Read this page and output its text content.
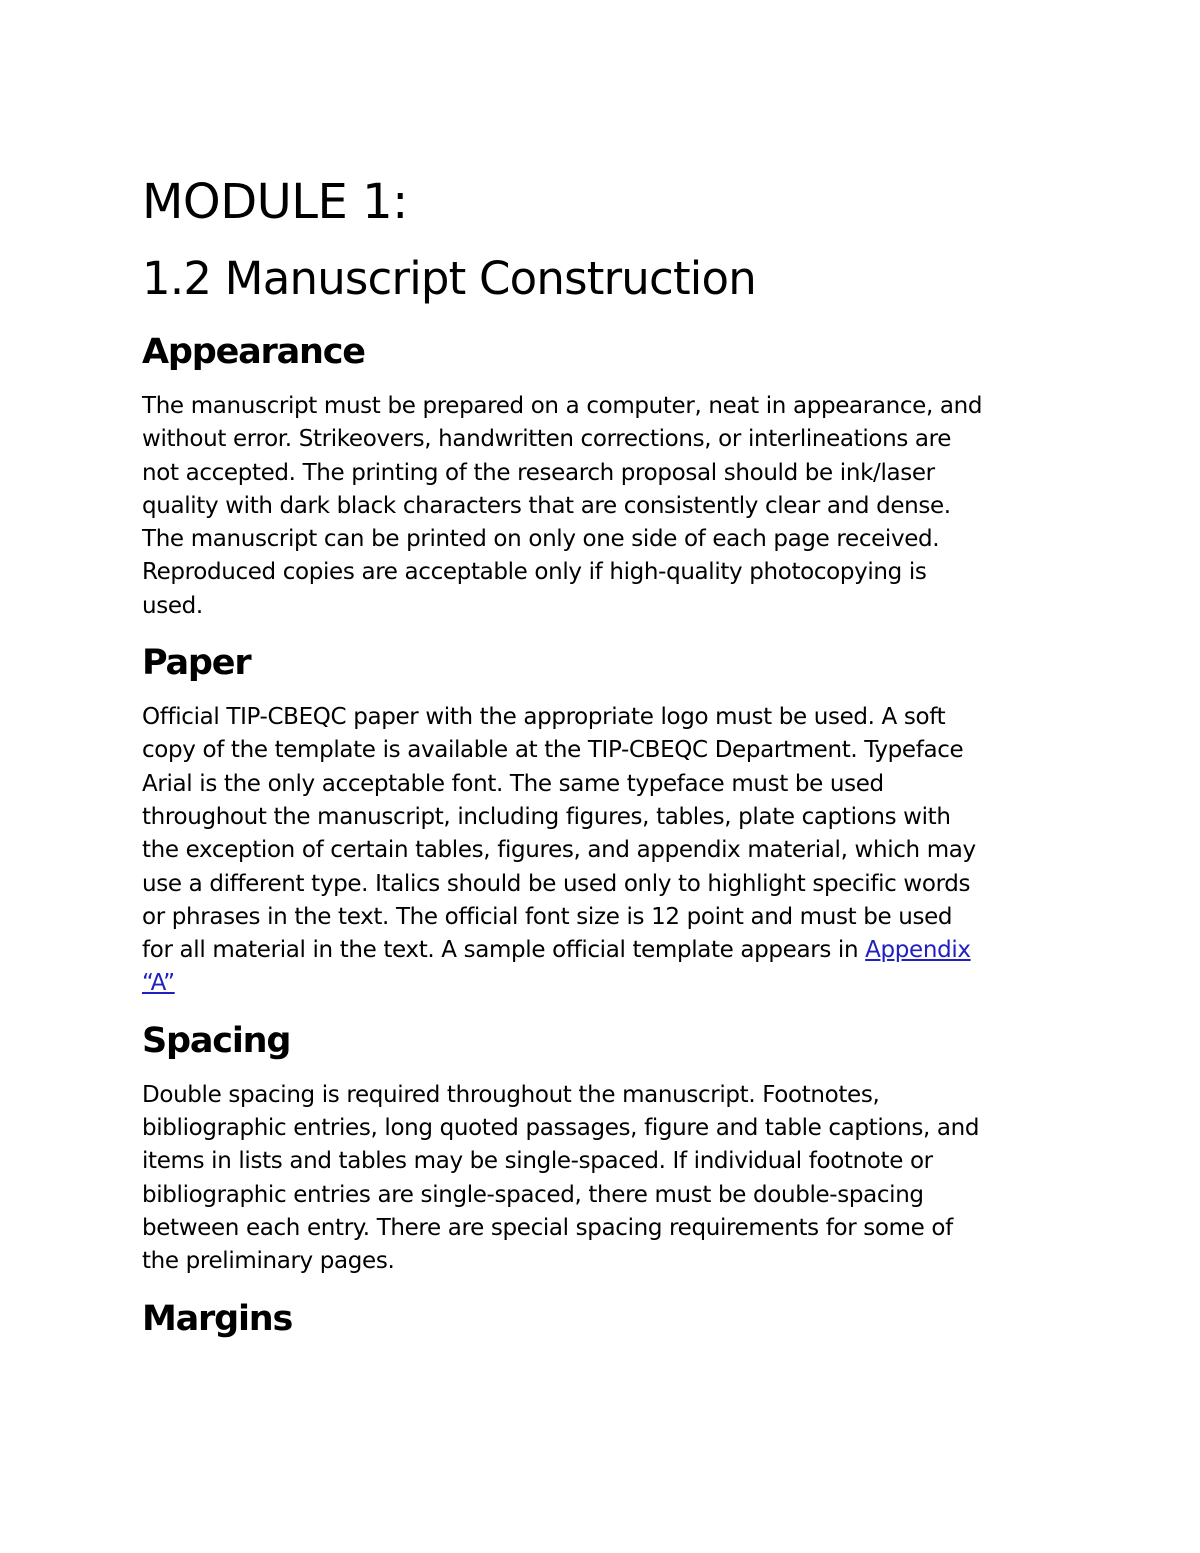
MODULE 1:
1.2 Manuscript Construction
Appearance

The manuscript must be prepared on a computer, neat in appearance, and
without error. Strikeovers, handwritten corrections, or interlineations are
not accepted. The printing of the research proposal should be ink/laser
quality with dark black characters that are consistently clear and dense.
The manuscript can be printed on only one side of each page received.
Reproduced copies are acceptable only if high-quality photocopying is
used.

Paper

Official TIP-CBEQC paper with the appropriate logo must be used. A soft
copy of the template is available at the TIP-CBEQC Department. Typeface
Arial is the only acceptable font. The same typeface must be used
throughout the manuscript, including figures, tables, plate captions with
the exception of certain tables, figures, and appendix material, which may
use a different type. Italics should be used only to highlight specific words
or phrases in the text. The official font size is 12 point and must be used
for all material in the text. A sample official template appears in Appendix
“A”

Spacing

Double spacing is required throughout the manuscript. Footnotes,
bibliographic entries, long quoted passages, figure and table captions, and
items in lists and tables may be single-spaced. If individual footnote or
bibliographic entries are single-spaced, there must be double-spacing
between each entry. There are special spacing requirements for some of
the preliminary pages.

Margins
